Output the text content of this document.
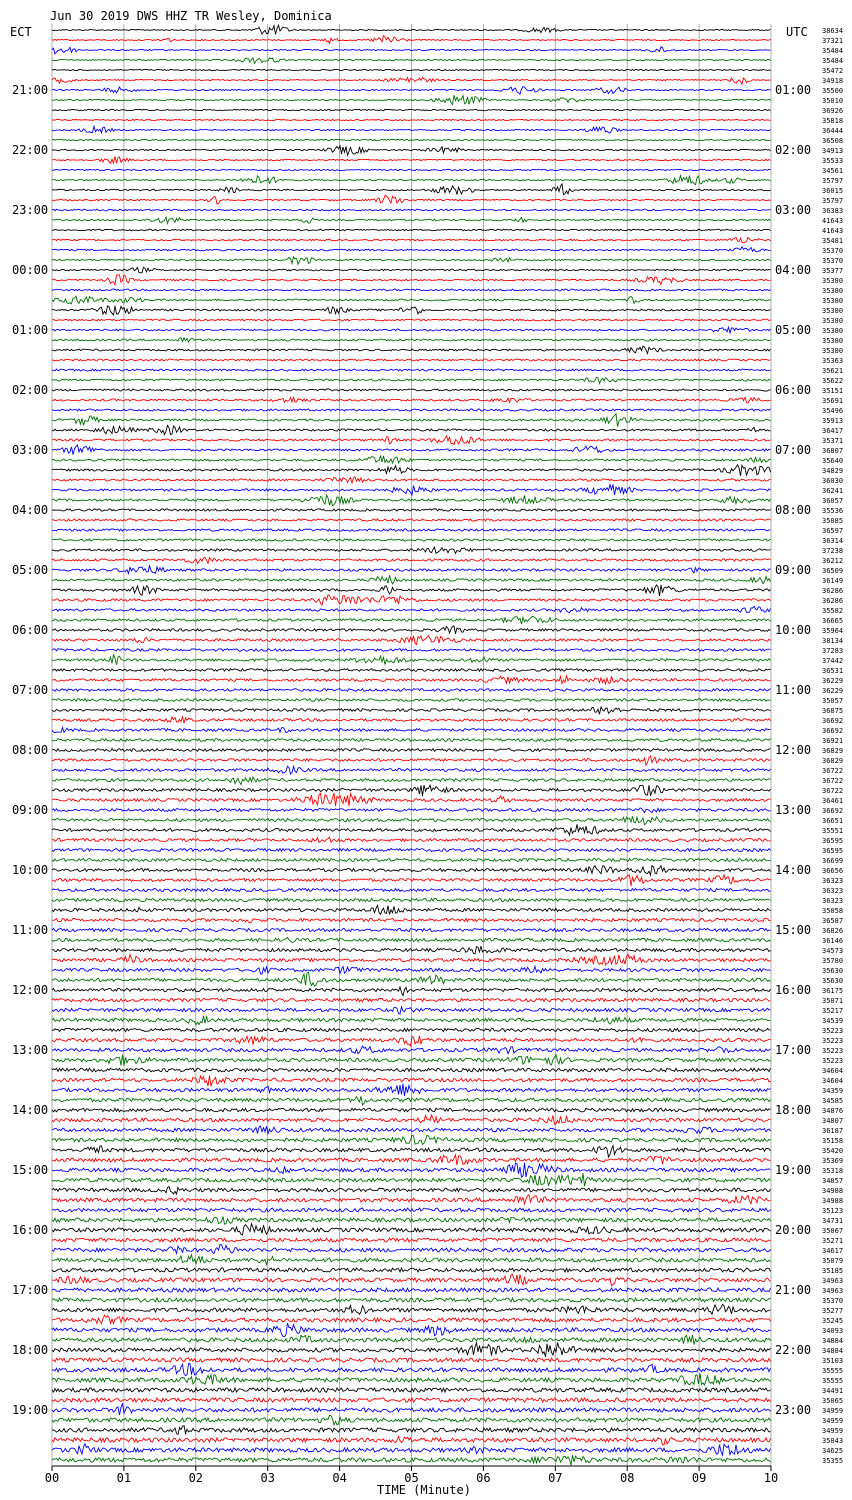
Jun 30 2019 DWS HHZ TR Wesley, Dominica
ECT	UTC
TIME (Minute)
21:00	01:00
22:00	02:00
23:00	03:00
00:00	04:00
01:00	05:00
02:00	06:00
03:00	07:00
04:00	08:00
05:00	09:00
06:00	10:00
07:00	11:00
08:00	12:00
09:00	13:00
10:00	14:00
11:00	15:00
12:00	16:00
13:00	17:00
14:00	18:00
15:00	19:00
16:00	20:00
17:00	21:00
18:00	22:00
19:00	23:00
38634
37321
35484
35484
35472
34918
35500
35010
36926
35818
36444
36508
34913
35533
34561
35797
36015
35797
36383
41643
41643
35481
35370
35370
35377
35380
35380
35380
35380
35380
35380
35380
35380
35363
35621
35622
35151
35691
35496
35913
36417
35371
36807
35640
34829
36030
36241
36057
35536
35085
36597
36314
37238
36212
36509
36149
36286
36286
35582
36665
35964
38134
37283
37442
36531
36229
36229
35057
36875
36692
36692
36921
36829
36829
36722
36722
36722
36461
36692
36651
35551
36595
36595
36699
36656
36323
36323
36323
35058
36587
36826
36146
34573
35780
35630
35630
36175
35071
35217
34539
35223
35223
35223
35223
34604
34604
34359
34585
34876
34807
36187
35158
35420
35369
35318
34857
34988
34988
35123
34731
35067
35271
34617
35079
35185
34963
34963
35370
35277
35245
34093
34884
34884
35103
35555
35555
34491
35065
34959
34959
34959
35043
34625
35355
00	01	02	03	04	05	06	07	08	09	10
